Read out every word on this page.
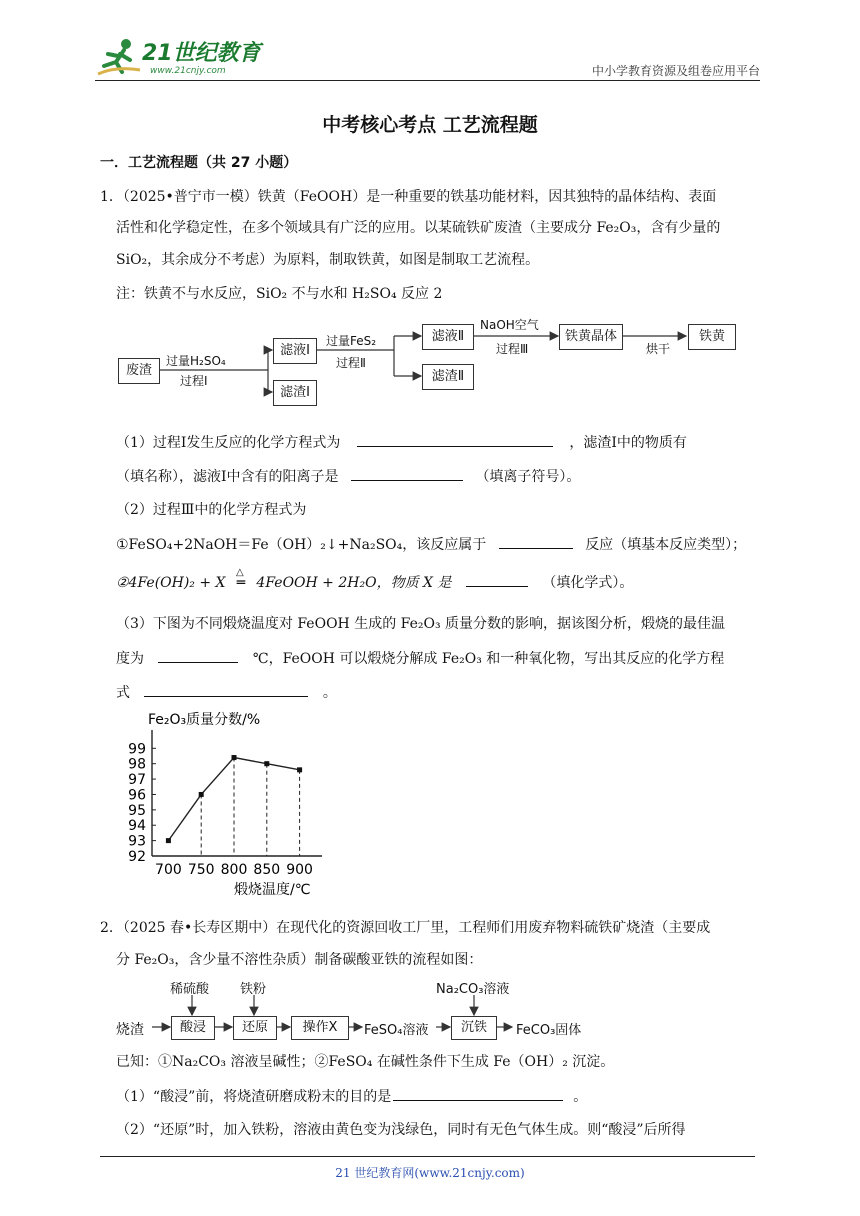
21世纪教育
www.21cnjy.com	中小学教育资源及组卷应用平台
中考核心考点 工艺流程题
一．工艺流程题（共 27 小题）
1．（2025•普宁市一模）铁黄（FeOOH）是一种重要的铁基功能材料，因其独特的晶体结构、表面
活性和化学稳定性，在多个领域具有广泛的应用。以某硫铁矿废渣（主要成分 Fe₂O₃，含有少量的
SiO₂，其余成分不考虑）为原料，制取铁黄，如图是制取工艺流程。
注：铁黄不与水反应，SiO₂ 不与水和 H₂SO₄ 反应 2
废渣
滤液I
滤渣I
滤液Ⅱ
滤渣Ⅱ
铁黄晶体	铁黄
过量H₂SO₄
过程I
过量FeS₂
过程Ⅱ
NaOH空气
过程Ⅲ	烘干
（1）过程Ⅰ发生反应的化学方程式为	，滤渣Ⅰ中的物质有
（填名称），滤液Ⅰ中含有的阳离子是	（填离子符号）。
（2）过程Ⅲ中的化学方程式为
①FeSO₄+2NaOH＝Fe（OH）₂↓+Na₂SO₄，该反应属于	反应（填基本反应类型）；
②4Fe(OH)₂ + X
△
═ 4FeOOH + 2H₂O，物质 X 是	（填化学式）。
（3）下图为不同煅烧温度对 FeOOH 生成的 Fe₂O₃ 质量分数的影响，据该图分析，煅烧的最佳温
度为	℃，FeOOH 可以煅烧分解成 Fe₂O₃ 和一种氧化物，写出其反应的化学方程
式	。
Fe₂O₃质量分数/%
煅烧温度/℃
92
93
94
95
96
97
98
99
700 750 800 850 900
2．（2025 春•长寿区期中）在现代化的资源回收工厂里，工程师们用废弃物料硫铁矿烧渣（主要成
分 Fe₂O₃，含少量不溶性杂质）制备碳酸亚铁的流程如图：
烧渣	酸浸	还原	操作X	FeSO₄溶液	沉铁	FeCO₃固体
稀硫酸 铁粉	Na₂CO₃溶液
已知：①Na₂CO₃ 溶液呈碱性；②FeSO₄ 在碱性条件下生成 Fe（OH）₂ 沉淀。
（1）“酸浸”前，将烧渣研磨成粉末的目的是	。
（2）“还原”时，加入铁粉，溶液由黄色变为浅绿色，同时有无色气体生成。则“酸浸”后所得
21 世纪教育网(www.21cnjy.com)
